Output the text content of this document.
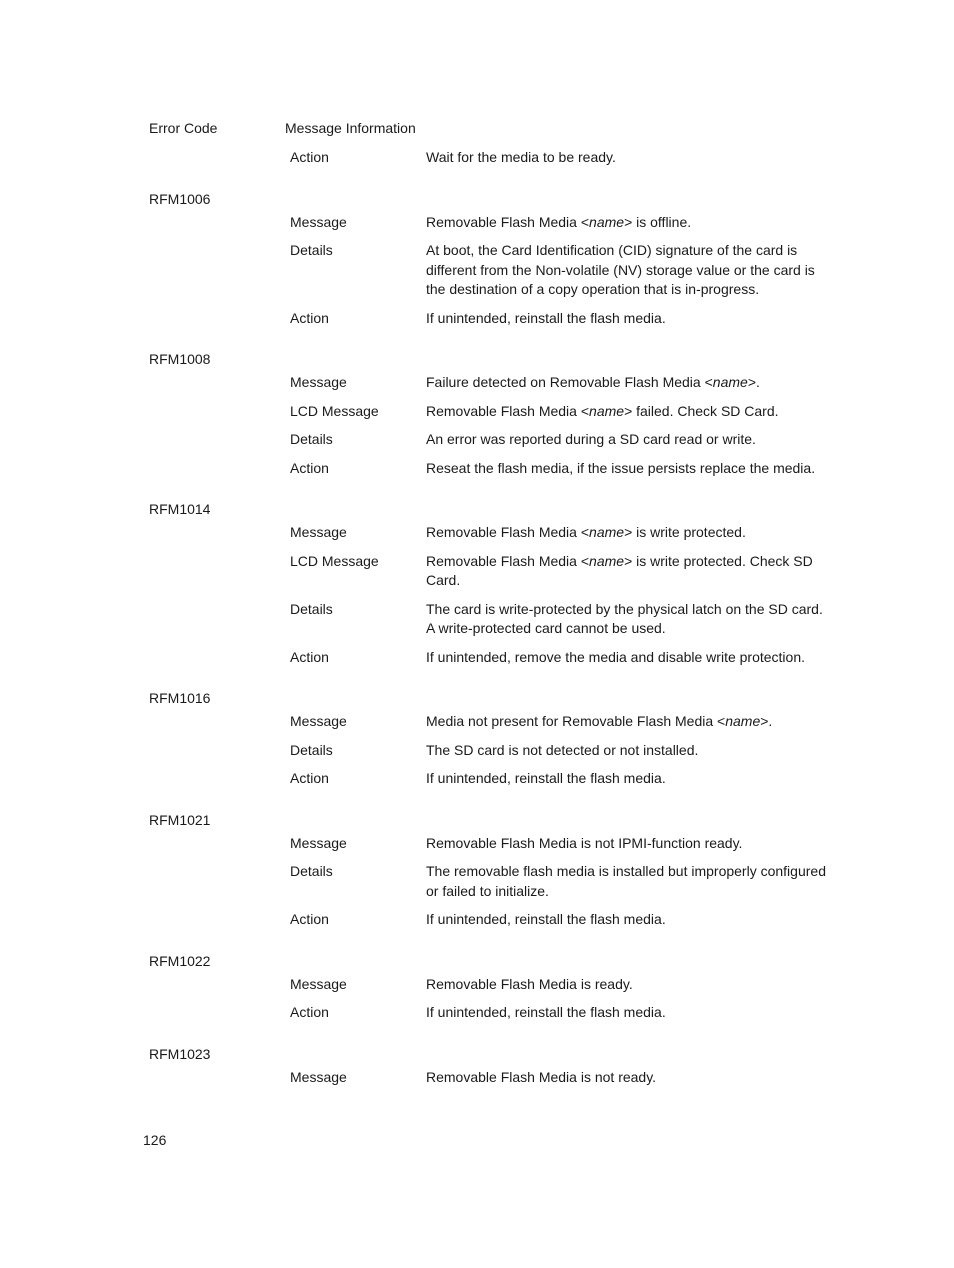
Error Code	Message Information
Action	Wait for the media to be ready.
RFM1006
Message	Removable Flash Media <name> is offline.
Details	At boot, the Card Identification (CID) signature of the card is different from the Non-volatile (NV) storage value or the card is the destination of a copy operation that is in-progress.
Action	If unintended, reinstall the flash media.
RFM1008
Message	Failure detected on Removable Flash Media <name>.
LCD Message	Removable Flash Media <name> failed. Check SD Card.
Details	An error was reported during a SD card read or write.
Action	Reseat the flash media, if the issue persists replace the media.
RFM1014
Message	Removable Flash Media <name> is write protected.
LCD Message	Removable Flash Media <name> is write protected. Check SD Card.
Details	The card is write-protected by the physical latch on the SD card. A write-protected card cannot be used.
Action	If unintended, remove the media and disable write protection.
RFM1016
Message	Media not present for Removable Flash Media <name>.
Details	The SD card is not detected or not installed.
Action	If unintended, reinstall the flash media.
RFM1021
Message	Removable Flash Media is not IPMI-function ready.
Details	The removable flash media is installed but improperly configured or failed to initialize.
Action	If unintended, reinstall the flash media.
RFM1022
Message	Removable Flash Media is ready.
Action	If unintended, reinstall the flash media.
RFM1023
Message	Removable Flash Media is not ready.
126
